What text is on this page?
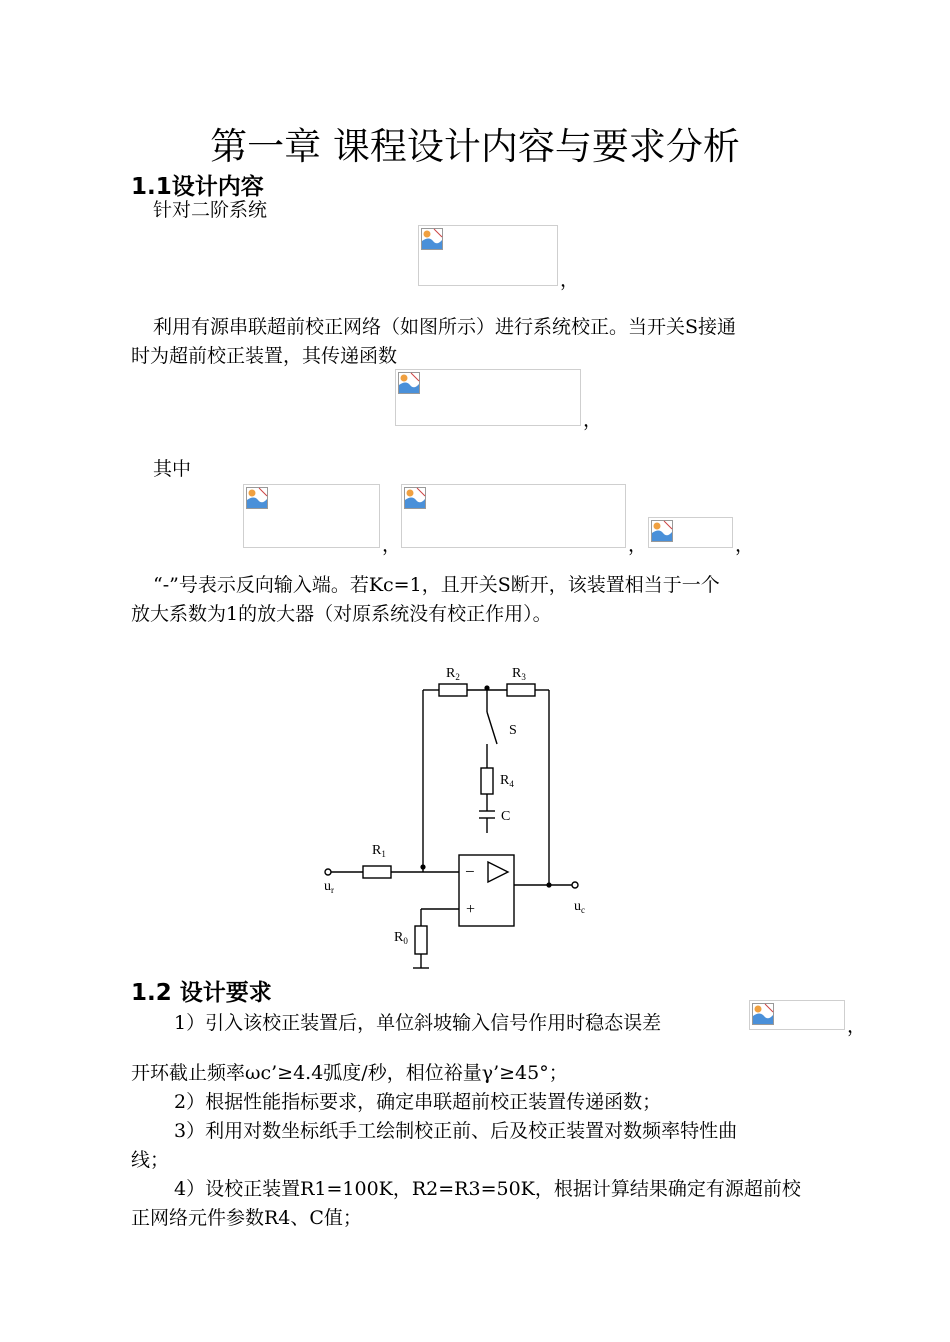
第一章 课程设计内容与要求分析
1.1设计内容
针对二阶系统
，
利用有源串联超前校正网络（如图所示）进行系统校正。当开关S接通
时为超前校正装置，其传递函数
，
其中
，	，	，
“-”号表示反向输入端。若Kc=1，且开关S断开，该装置相当于一个
放大系数为1的放大器（对原系统没有校正作用）。
$R_2$	$R_3$
S
$R_4$
C
$R_1$
$u_r$
$u_c$
$R_0$
−
+
1.2 设计要求
1）引入该校正装置后，单位斜坡输入信号作用时稳态误差	，
开环截止频率ωc’≥4.4弧度/秒，相位裕量γ’≥45°；
2）根据性能指标要求，确定串联超前校正装置传递函数；
3）利用对数坐标纸手工绘制校正前、后及校正装置对数频率特性曲
线；
4）设校正装置R1=100K，R2=R3=50K，根据计算结果确定有源超前校
正网络元件参数R4、C值；
